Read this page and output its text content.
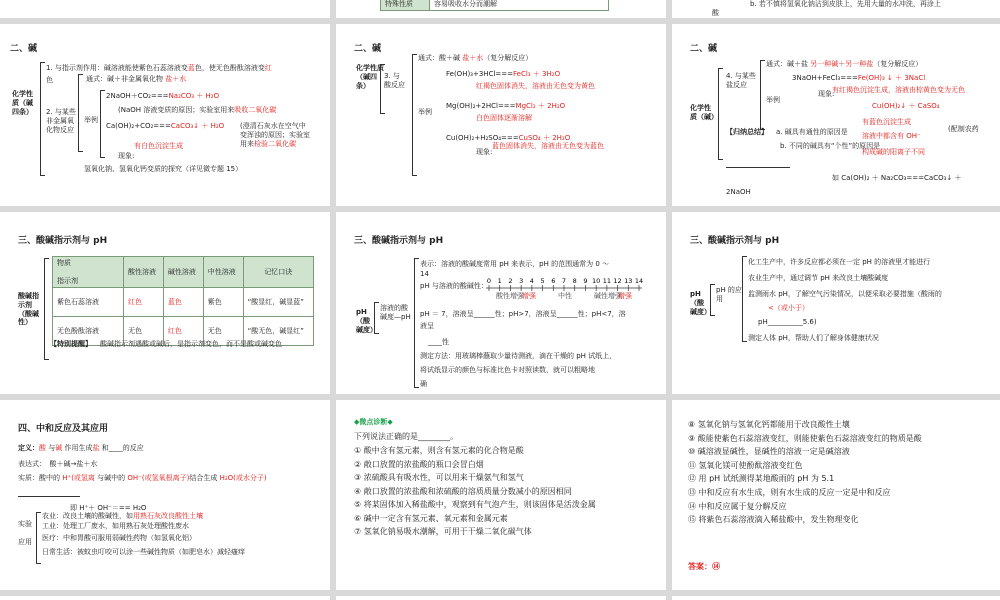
特殊性质	容易吸收水分而潮解	b. 若不慎将氢氧化钠沾到皮肤上，先用大量的水冲洗，再涂上
酸
二、碱
化学性质（碱四条）
1. 与指示剂作用：碱溶液能使紫色石蕊溶液变蓝色，使无色酚酞溶液变红
色
2. 与某些非金属氧化物反应
通式：碱＋非金属氧化物 盐＋水
举例
2NaOH＋CO₂===Na₂CO₃ ＋ H₂O
(NaOH 溶液变质的原因；实验室用来吸收二氧化碳
Ca(OH)₂+CO₂===CaCO₃↓ ＋ H₂O (澄清石灰水在空气中变浑浊的原因；实验室用来检验二氧化碳
现象:
有白色沉淀生成
氢氧化钠、氢氧化钙变质的探究（详见微专题 15）
二、碱
化学性质（碱四条）
3. 与酸反应
通式：酸＋碱 盐＋水（复分解反应）
举例
Fe(OH)₃+3HCl===FeCl₃ ＋ 3H₂O
红褐色固体消失，溶液由无色变为黄色
Mg(OH)₂+2HCl===MgCl₂ ＋ 2H₂O
白色固体逐渐溶解
Cu(OH)₂+H₂SO₄===CuSO₄ ＋ 2H₂O
现象:
蓝色固体消失，溶液由无色变为蓝色
二、碱
化学性质（碱）
4. 与某些盐反应
通式：碱＋盐 另一种碱＋另一种盐（复分解反应）
举例
3NaOH+FeCl₃===Fe(OH)₃ ↓ ＋ 3NaCl
现象:
有红褐色沉淀生成，溶液由棕黄色变为无色
Cu(OH)₂↓ ＋ CaSO₄
有蓝色沉淀生成
【归纳总结】 a. 碱具有通性的原因是 溶液中都含有 OH⁻
(配制农药
b. 不同的碱具有“个性”的原因是
构成碱的阳离子不同
如 Ca(OH)₂ ＋ Na₂CO₃===CaCO₃↓ ＋
2NaOH
三、酸碱指示剂与 pH
酸碱指示剂（酸碱性）
物质

指示剂	酸性溶液	碱性溶液	中性溶液	记忆口诀
紫色石蕊溶液	红色	蓝色	紫色	“酸显红，碱显蓝”
无色酚酞溶液	无色	红色	无色	“酸无色，碱显红”
【特别提醒】 酸碱指示剂遇酸或碱后，是指示剂变色，而不是酸或碱变色
三、酸碱指示剂与 pH
pH（酸碱度）
溶液的酸碱度—pH
表示：溶液的酸碱度常用 pH 来表示，pH 的范围通常为 0 ～
14
pH 与溶液的酸碱性：
0 1 2 3 4 5 6 7 8 9 10 11 12 13 14
酸性增强
增强	中性	碱性增强
增强
pH ＝ 7，溶液呈______性；pH>7，溶液呈______性；pH<7，溶
液呈
____性
测定方法：用玻璃棒蘸取少量待测液，滴在干燥的 pH 试纸上，
将试纸显示的颜色与标准比色卡对照读数，就可以粗略地
确
三、酸碱指示剂与 pH
pH（酸碱度）
pH 的应用
化工生产中，许多反应都必须在一定 pH 的溶液里才能进行
农业生产中，通过调节 pH 来改良土壤酸碱度
监测雨水 pH，了解空气污染情况，以便采取必要措施（酸雨的
<（或小于）
pH__________5.6)
测定人体 pH，帮助人们了解身体健康状况
四、中和反应及其应用
定义：酸 与碱 作用生成盐 和____的反应
表达式：　酸＋碱→盐＋水
实质：酸中的 H⁺(或氢离 与碱中的 OH⁻(或氢氧根离子)结合生成 H₂O(或水分子)
即 H⁺＋ OH⁻＝== H₂O
实验
应用
农业：改良土壤的酸碱性，如用熟石灰改良酸性土壤
工业：处理工厂废水，如用熟石灰处理酸性废水
医疗：中和胃酸可服用弱碱性药物（如氢氧化铝）
日常生活：被蚊虫叮咬可以涂一些碱性物质（如肥皂水）减轻瘙痒
◆微点诊断◆
下列说法正确的是________。
① 酸中含有氢元素，则含有氢元素的化合物是酸
② 敞口放置的浓盐酸的瓶口会冒白烟
③ 浓硫酸具有吸水性，可以用来干燥氨气和氢气
④ 敞口放置的浓盐酸和浓硫酸的溶质质量分数减小的原因相同
⑤ 将某固体加入稀盐酸中，观察到有气泡产生，则该固体是活泼金属
⑥ 碱中一定含有氢元素、氧元素和金属元素
⑦ 氢氧化钠易吸水潮解，可用于干燥二氧化碳气体
⑧ 氢氧化钠与氢氧化钙都能用于改良酸性土壤
⑨ 酸能使紫色石蕊溶液变红，则能使紫色石蕊溶液变红的物质是酸
⑩ 碱溶液显碱性，显碱性的溶液一定是碱溶液
⑪ 氢氧化镁可使酚酞溶液变红色
⑫ 用 pH 试纸测得某地酸雨的 pH 为 5.1
⑬ 中和反应有水生成，则有水生成的反应一定是中和反应
⑭ 中和反应属于复分解反应
⑮ 将紫色石蕊溶液滴入稀盐酸中，发生物理变化
答案：⑭
